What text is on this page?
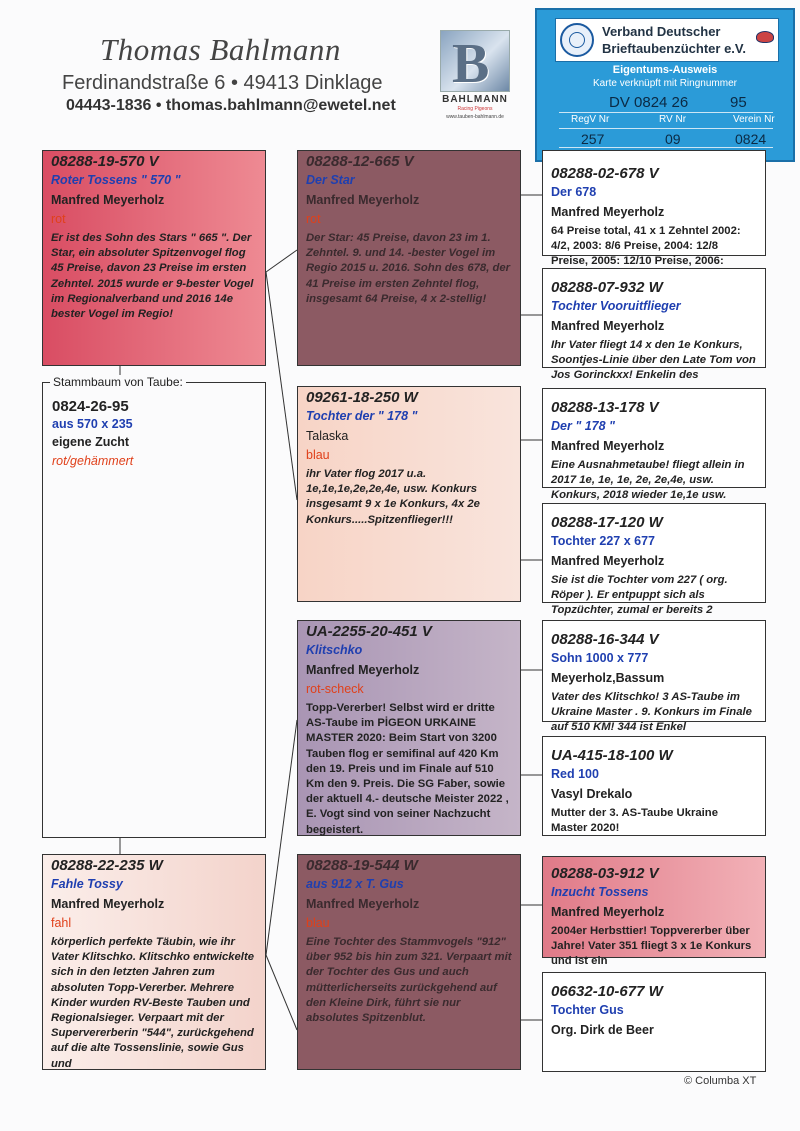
Thomas Bahlmann
Ferdinandstraße 6 • 49413 Dinklage
04443-1836 • thomas.bahlmann@ewetel.net
B
BAHLMANN
Racing Pigeons
www.tauben-bahlmann.de
Verband Deutscher
Brieftaubenzüchter e.V.
Eigentums-Ausweis
Karte verknüpft mit Ringnummer
DV 0824 26	95
RegV Nr	RV Nr	Verein Nr
257	09	0824
08288-19-570 V
Roter Tossens " 570 "
Manfred Meyerholz
rot
Er ist des Sohn des Stars " 665 ". Der Star, ein absoluter Spitzenvogel flog 45 Preise, davon 23 Preise im ersten Zehntel. 2015 wurde er 9-bester Vogel im Regionalverband und 2016 14e bester Vogel im Regio!
Stammbaum von Taube:
0824-26-95
aus 570 x 235
eigene Zucht
rot/gehämmert
08288-22-235 W
Fahle Tossy
Manfred Meyerholz
fahl
körperlich perfekte Täubin, wie ihr Vater Klitschko. Klitschko entwickelte sich in den letzten Jahren zum absoluten Topp-Vererber. Mehrere Kinder wurden RV-Beste Tauben und Regionalsieger. Verpaart mit der Supervererberin "544", zurückgehend auf die alte Tossenslinie, sowie Gus und
08288-12-665 V
Der Star
Manfred Meyerholz
rot
Der Star: 45 Preise, davon 23 im 1. Zehntel. 9. und 14. -bester Vogel im Regio 2015 u. 2016. Sohn des 678, der 41 Preise im ersten Zehntel flog, insgesamt 64 Preise, 4 x 2-stellig!
09261-18-250 W
Tochter der " 178 "
Talaska
blau
ihr Vater flog 2017 u.a. 1e,1e,1e,2e,2e,4e, usw. Konkurs insgesamt 9 x 1e Konkurs, 4x 2e Konkurs.....Spitzenflieger!!!
UA-2255-20-451 V
Klitschko
Manfred Meyerholz
rot-scheck
Topp-Vererber! Selbst wird er dritte AS-Taube im PİGEON URKAINE MASTER 2020: Beim Start von 3200 Tauben flog er semifinal auf 420 Km den 19. Preis und im Finale auf 510 Km den 9. Preis. Die SG Faber, sowie der aktuell 4.- deutsche Meister 2022 , E. Vogt sind von seiner Nachzucht begeistert.
08288-19-544 W
aus 912 x T. Gus
Manfred Meyerholz
blau
Eine Tochter des Stammvogels "912" über 952 bis hin zum 321. Verpaart mit der Tochter des Gus und auch mütterlicherseits zurückgehend auf den Kleine Dirk, führt sie nur absolutes Spitzenblut.
08288-02-678 V
Der 678
Manfred Meyerholz
64 Preise total, 41 x 1 Zehntel 2002: 4/2, 2003: 8/6 Preise, 2004: 12/8 Preise, 2005: 12/10 Preise, 2006:
08288-07-932 W
Tochter Vooruitflieger
Manfred Meyerholz
Ihr Vater fliegt 14 x den 1e Konkurs, Soontjes-Linie über den Late Tom von Jos Gorinckxx! Enkelin des
08288-13-178 V
Der " 178 "
Manfred Meyerholz
Eine Ausnahmetaube! fliegt allein in 2017 1e, 1e, 1e, 2e, 2e,4e, usw. Konkurs, 2018 wieder 1e,1e usw.
08288-17-120 W
Tochter 227 x 677
Manfred Meyerholz
Sie ist die Tochter vom 227 ( org. Röper ). Er entpuppt sich als Topzüchter, zumal er bereits 2
08288-16-344 V
Sohn 1000 x 777
Meyerholz,Bassum
Vater des Klitschko! 3 AS-Taube im Ukraine Master . 9. Konkurs im Finale auf 510 KM! 344 ist Enkel
UA-415-18-100 W
Red 100
Vasyl Drekalo
Mutter der 3. AS-Taube Ukraine Master 2020!
08288-03-912 V
Inzucht Tossens
Manfred Meyerholz
2004er Herbsttier! Toppvererber über Jahre! Vater 351 fliegt 3 x 1e Konkurs und ist ein
06632-10-677 W
Tochter Gus
Org. Dirk de Beer
© Columba XT
